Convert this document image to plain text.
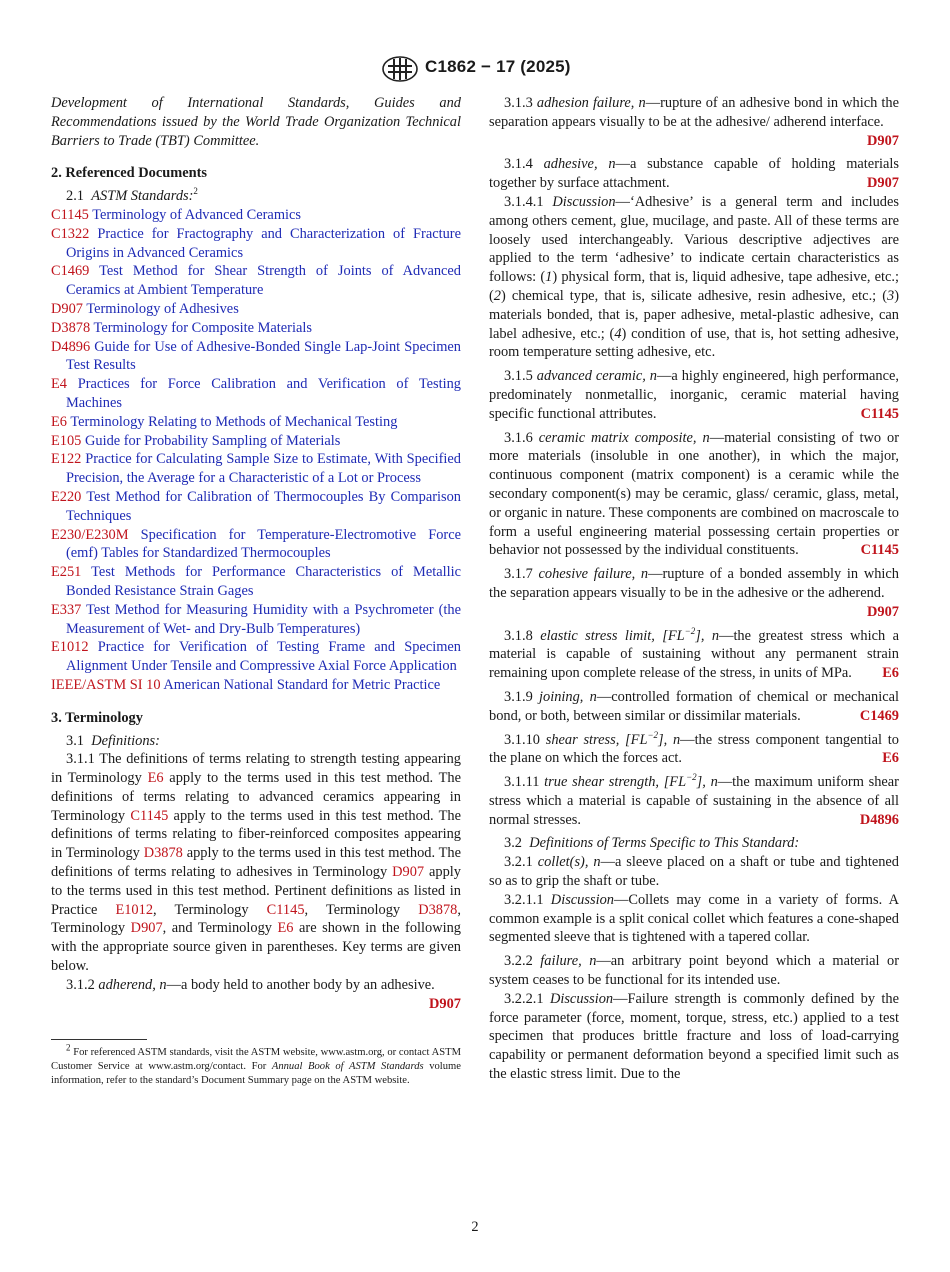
C1862 − 17 (2025)

Development of International Standards, Guides and Recommendations issued by the World Trade Organization Technical Barriers to Trade (TBT) Committee.

2. Referenced Documents

2.1 ASTM Standards:$^2$

C1145 Terminology of Advanced Ceramics

C1322 Practice for Fractography and Characterization of Fracture Origins in Advanced Ceramics

C1469 Test Method for Shear Strength of Joints of Advanced Ceramics at Ambient Temperature

D907 Terminology of Adhesives

D3878 Terminology for Composite Materials

D4896 Guide for Use of Adhesive-Bonded Single Lap-Joint Specimen Test Results

E4 Practices for Force Calibration and Verification of Testing Machines

E6 Terminology Relating to Methods of Mechanical Testing

E105 Guide for Probability Sampling of Materials

E122 Practice for Calculating Sample Size to Estimate, With Specified Precision, the Average for a Characteristic of a Lot or Process

E220 Test Method for Calibration of Thermocouples By Comparison Techniques

E230/E230M Specification for Temperature-Electromotive Force (emf) Tables for Standardized Thermocouples

E251 Test Methods for Performance Characteristics of Metallic Bonded Resistance Strain Gages

E337 Test Method for Measuring Humidity with a Psychrometer (the Measurement of Wet- and Dry-Bulb Temperatures)

E1012 Practice for Verification of Testing Frame and Specimen Alignment Under Tensile and Compressive Axial Force Application

IEEE/ASTM SI 10 American National Standard for Metric Practice

3. Terminology

3.1 Definitions:

3.1.1 The definitions of terms relating to strength testing appearing in Terminology E6 apply to the terms used in this test method. The definitions of terms relating to advanced ceramics appearing in Terminology C1145 apply to the terms used in this test method. The definitions of terms relating to fiber-reinforced composites appearing in Terminology D3878 apply to the terms used in this test method. The definitions of terms relating to adhesives in Terminology D907 apply to the terms used in this test method. Pertinent definitions as listed in Practice E1012, Terminology C1145, Terminology D3878, Terminology D907, and Terminology E6 are shown in the following with the appropriate source given in parentheses. Key terms are given below.

3.1.2 adherend, n—a body held to another body by an adhesive.
D907

$^2$ For referenced ASTM standards, visit the ASTM website, www.astm.org, or contact ASTM Customer Service at www.astm.org/contact. For Annual Book of ASTM Standards volume information, refer to the standard’s Document Summary page on the ASTM website.

3.1.3 adhesion failure, n—rupture of an adhesive bond in which the separation appears visually to be at the adhesive/ adherend interface.
D907

3.1.4 adhesive, n—a substance capable of holding materials together by surface attachment.	D907

3.1.4.1 Discussion—‘Adhesive’ is a general term and includes among others cement, glue, mucilage, and paste. All of these terms are loosely used interchangeably. Various descriptive adjectives are applied to the term ‘adhesive’ to indicate certain characteristics as follows: (1) physical form, that is, liquid adhesive, tape adhesive, etc.; (2) chemical type, that is, silicate adhesive, resin adhesive, etc.; (3) materials bonded, that is, paper adhesive, metal-plastic adhesive, can label adhesive, etc.; (4) condition of use, that is, hot setting adhesive, room temperature setting adhesive, etc.

3.1.5 advanced ceramic, n—a highly engineered, high performance, predominately nonmetallic, inorganic, ceramic material having specific functional attributes.	C1145

3.1.6 ceramic matrix composite, n—material consisting of two or more materials (insoluble in one another), in which the major, continuous component (matrix component) is a ceramic while the secondary component(s) may be ceramic, glass/ ceramic, glass, metal, or organic in nature. These components are combined on macroscale to form a useful engineering material possessing certain properties or behavior not possessed by the individual constituents.	C1145

3.1.7 cohesive failure, n—rupture of a bonded assembly in which the separation appears visually to be in the adhesive or the adherend.
D907

3.1.8 elastic stress limit, $[FL^{-2}]$, n—the greatest stress which a material is capable of sustaining without any permanent strain remaining upon complete release of the stress, in units of MPa.	E6

3.1.9 joining, n—controlled formation of chemical or mechanical bond, or both, between similar or dissimilar materials.	C1469

3.1.10 shear stress, $[FL^{-2}]$, n—the stress component tangential to the plane on which the forces act.	E6

3.1.11 true shear strength, $[FL^{-2}]$, n—the maximum uniform shear stress which a material is capable of sustaining in the absence of all normal stresses.	D4896

3.2 Definitions of Terms Specific to This Standard:

3.2.1 collet(s), n—a sleeve placed on a shaft or tube and tightened so as to grip the shaft or tube.

3.2.1.1 Discussion—Collets may come in a variety of forms. A common example is a split conical collet which features a cone-shaped segmented sleeve that is tightened with a tapered collar.

3.2.2 failure, n—an arbitrary point beyond which a material or system ceases to be functional for its intended use.

3.2.2.1 Discussion—Failure strength is commonly defined by the force parameter (force, moment, torque, stress, etc.) applied to a test specimen that produces brittle fracture and loss of load-carrying capability or permanent deformation beyond a specified limit such as the elastic stress limit. Due to the

2
